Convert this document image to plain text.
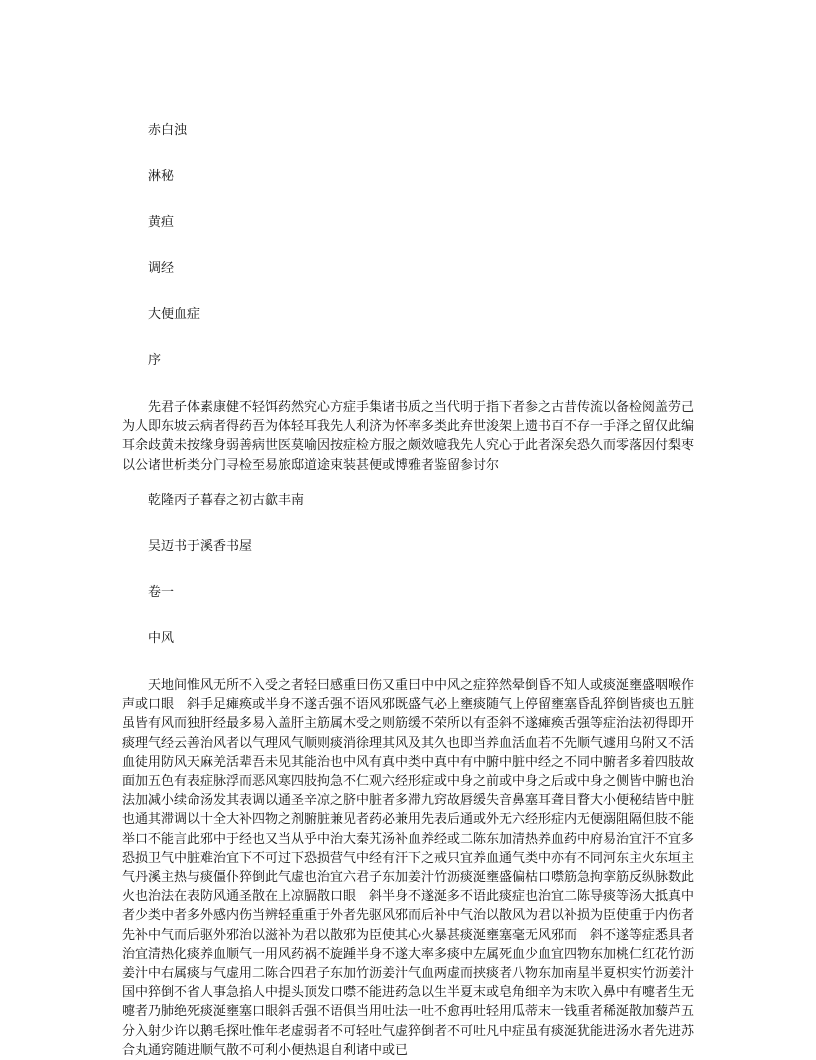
赤白浊
淋秘
黄疸
调经
大便血症
序
先君子体素康健不轻饵药然究心方症手集诸书质之当代明于指下者参之古昔传流以备检阅盖劳己为人即东坡云病者得药吾为体轻耳我先人利济为怀率多类此弃世浚架上遗书百不存一手泽之留仅此编耳余歧黄未按缘身弱善病世医莫喻因按症检方服之颇效噫我先人究心于此者深矣恐久而零落因付梨枣以公诸世析类分门寻检至易旅邸道途束装甚便或博雅者鉴留参讨尔
乾隆丙子暮春之初古歙丰南
吴迈书于溪香书屋
卷一
中风
天地间惟风无所不入受之者轻曰感重曰伤又重曰中中风之症猝然晕倒昏不知人或痰涎壅盛咽喉作声或口眼　斜手足瘫痪或半身不遂舌强不语风邪既盛气必上壅痰随气上停留壅塞昏乱猝倒皆痰也五脏虽皆有风而独肝经最多易入盖肝主筋属木受之则筋缓不荣所以有歪斜不遂瘫痪舌强等症治法初得即开痰理气经云善治风者以气理风气顺则痰消徐理其风及其久也即当养血活血若不先顺气遽用乌附又不活血徒用防风天麻羌活辈吾未见其能治也中风有真中类中真中有中腑中脏中经之不同中腑者多着四肢故面加五色有表症脉浮而恶风寒四肢拘急不仁观六经形症或中身之前或中身之后或中身之侧皆中腑也治法加减小续命汤发其表调以通圣辛凉之脐中脏者多滞九窍故唇缓失音鼻塞耳聋目瞀大小便秘结皆中脏也通其滞调以十全大补四物之剂腑脏兼见者药必兼用先表后通或外无六经形症内无便溺阻隔但肢不能举口不能言此邪中于经也又当从乎中治大秦艽汤补血养经或二陈东加清热养血药中府易治宜汗不宜多恐损卫气中脏难治宜下不可过下恐损营气中经有汗下之戒只宜养血通气类中亦有不同河东主火东垣主气丹溪主热与痰僵仆猝倒此气虚也治宜六君子东加姜汁竹沥痰涎壅盛偏枯口噤筋急拘挛筋反纵脉数此火也治法在表防风通圣散在上凉膈散口眼　斜半身不遂涎多不语此痰症也治宜二陈导痰等汤大抵真中者少类中者多外感内伤当辨轻重重于外者先驱风邪而后补中气治以散风为君以补损为臣使重于内伤者先补中气而后驱外邪治以滋补为君以散邪为臣使其心火暴甚痰涎壅塞毫无风邪而　斜不遂等症悉具者治宜清热化痰养血顺气一用风药祸不旋踵半身不遂大率多痰中左属死血少血宜四物东加桃仁红花竹沥姜汁中右属痰与气虚用二陈合四君子东加竹沥姜汁气血两虚而挟痰者八物东加南星半夏枳实竹沥姜汁国中猝倒不省人事急掐人中提头顶发口噤不能进药急以生半夏末或皂角细辛为末吹入鼻中有嚏者生无嚏者乃肺绝死痰涎壅塞口眼斜舌强不语俱当用吐法一吐不愈再吐轻用瓜蒂末一钱重者稀涎散加藜芦五分入射少许以鹅毛探吐惟年老虚弱者不可轻吐气虚猝倒者不可吐凡中症虽有痰涎犹能进汤水者先进苏合丸通窍随进顺气散不可利小便热退自利诸中或已
